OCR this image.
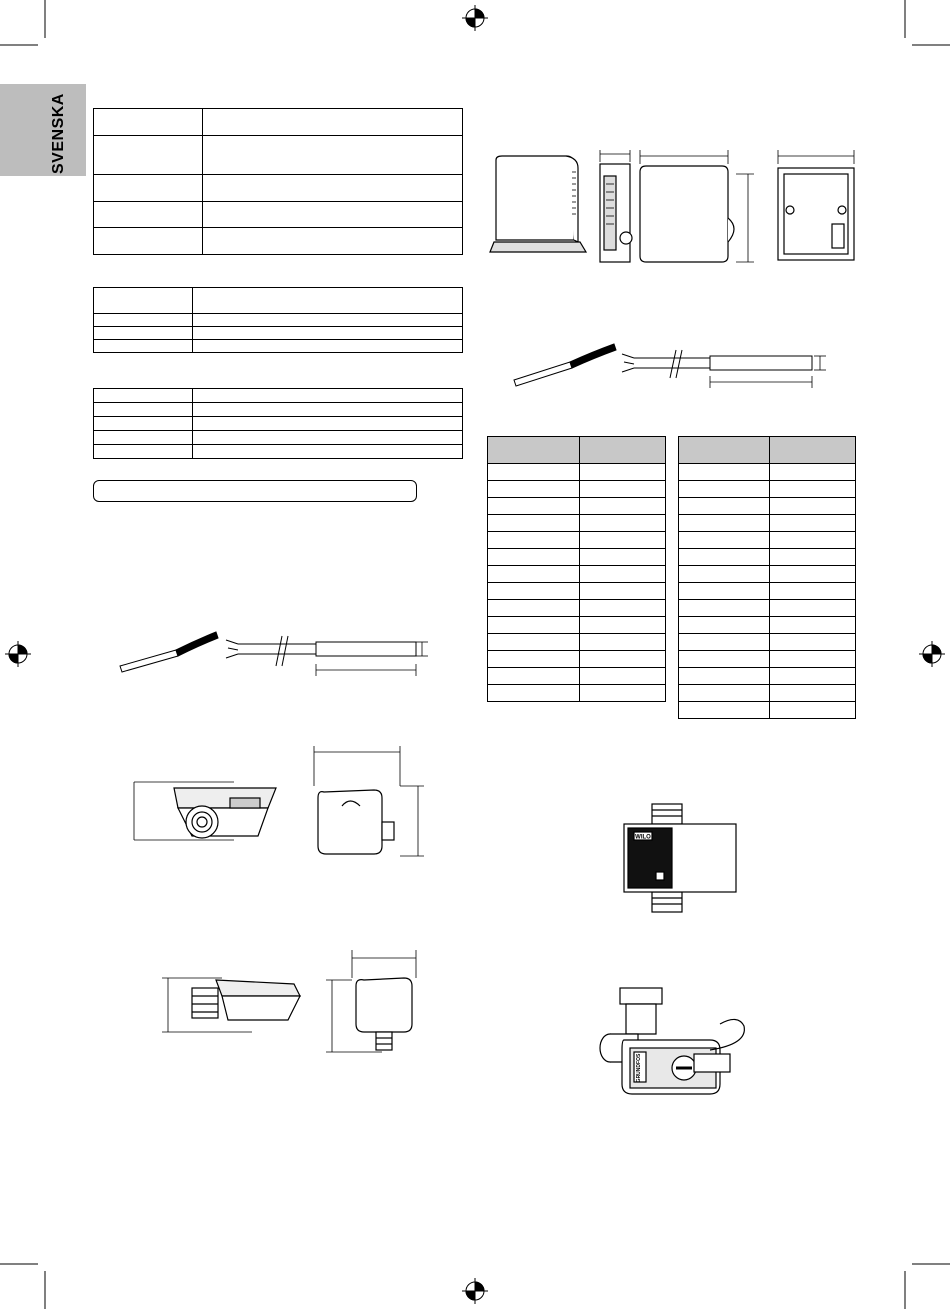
SVENSKA

WILO
GRUNDFOS
